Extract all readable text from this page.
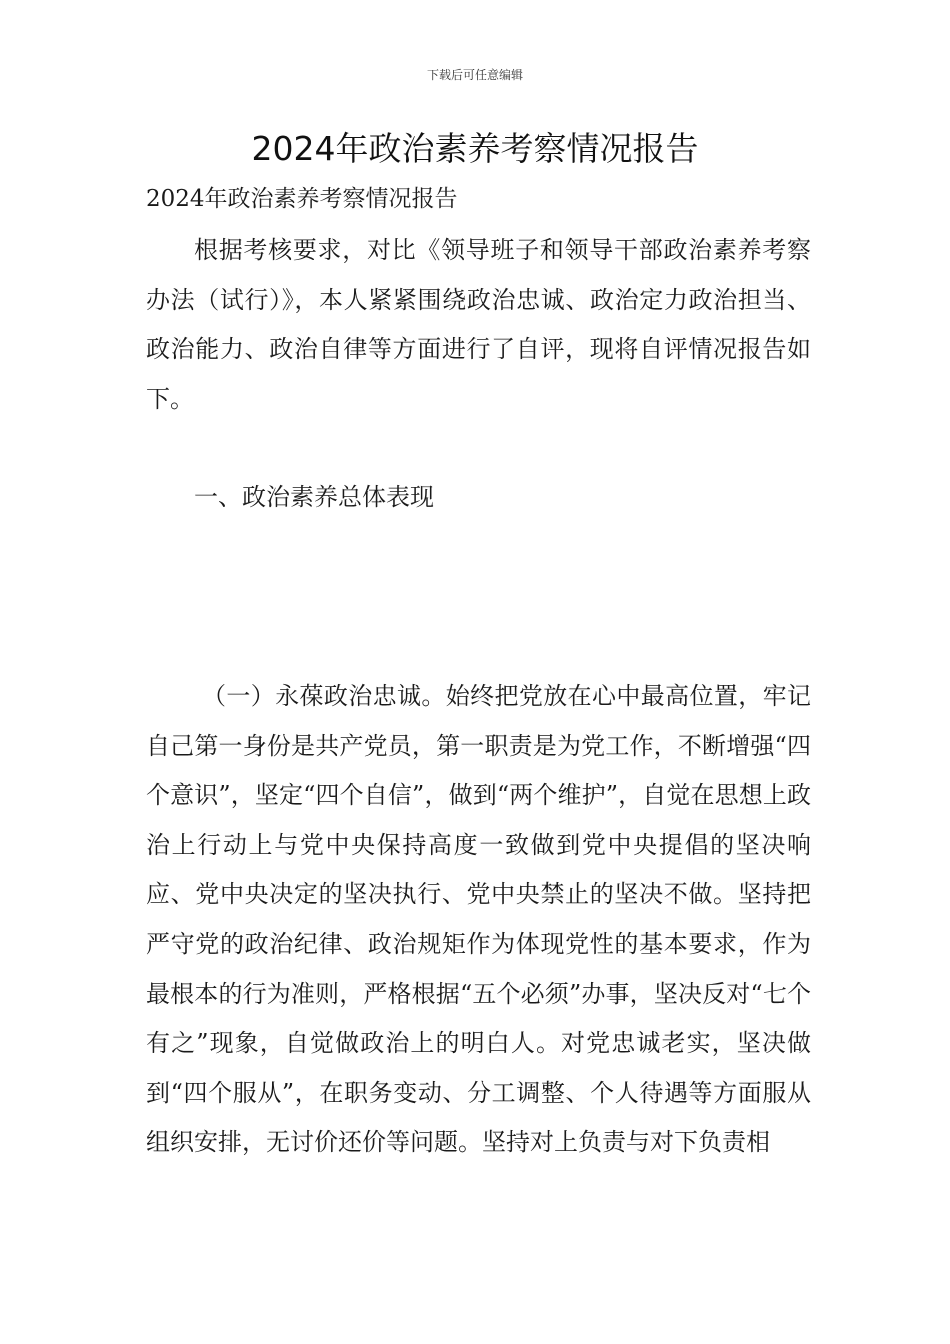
下载后可任意编辑
2024年政治素养考察情况报告
2024年政治素养考察情况报告

根据考核要求，对比《领导班子和领导干部政治素养考察办法（试行）》，本人紧紧围绕政治忠诚、政治定力政治担当、政治能力、政治自律等方面进行了自评，现将自评情况报告如下。

一、政治素养总体表现

（一）永葆政治忠诚。始终把党放在心中最高位置，牢记自己第一身份是共产党员，第一职责是为党工作，不断增强“四个意识”，坚定“四个自信”，做到“两个维护”，自觉在思想上政治上行动上与党中央保持高度一致做到党中央提倡的坚决响应、党中央决定的坚决执行、党中央禁止的坚决不做。坚持把严守党的政治纪律、政治规矩作为体现党性的基本要求，作为最根本的行为准则，严格根据“五个必须”办事，坚决反对“七个有之”现象，自觉做政治上的明白人。对党忠诚老实，坚决做到“四个服从”，在职务变动、分工调整、个人待遇等方面服从组织安排，无讨价还价等问题。坚持对上负责与对下负责相
